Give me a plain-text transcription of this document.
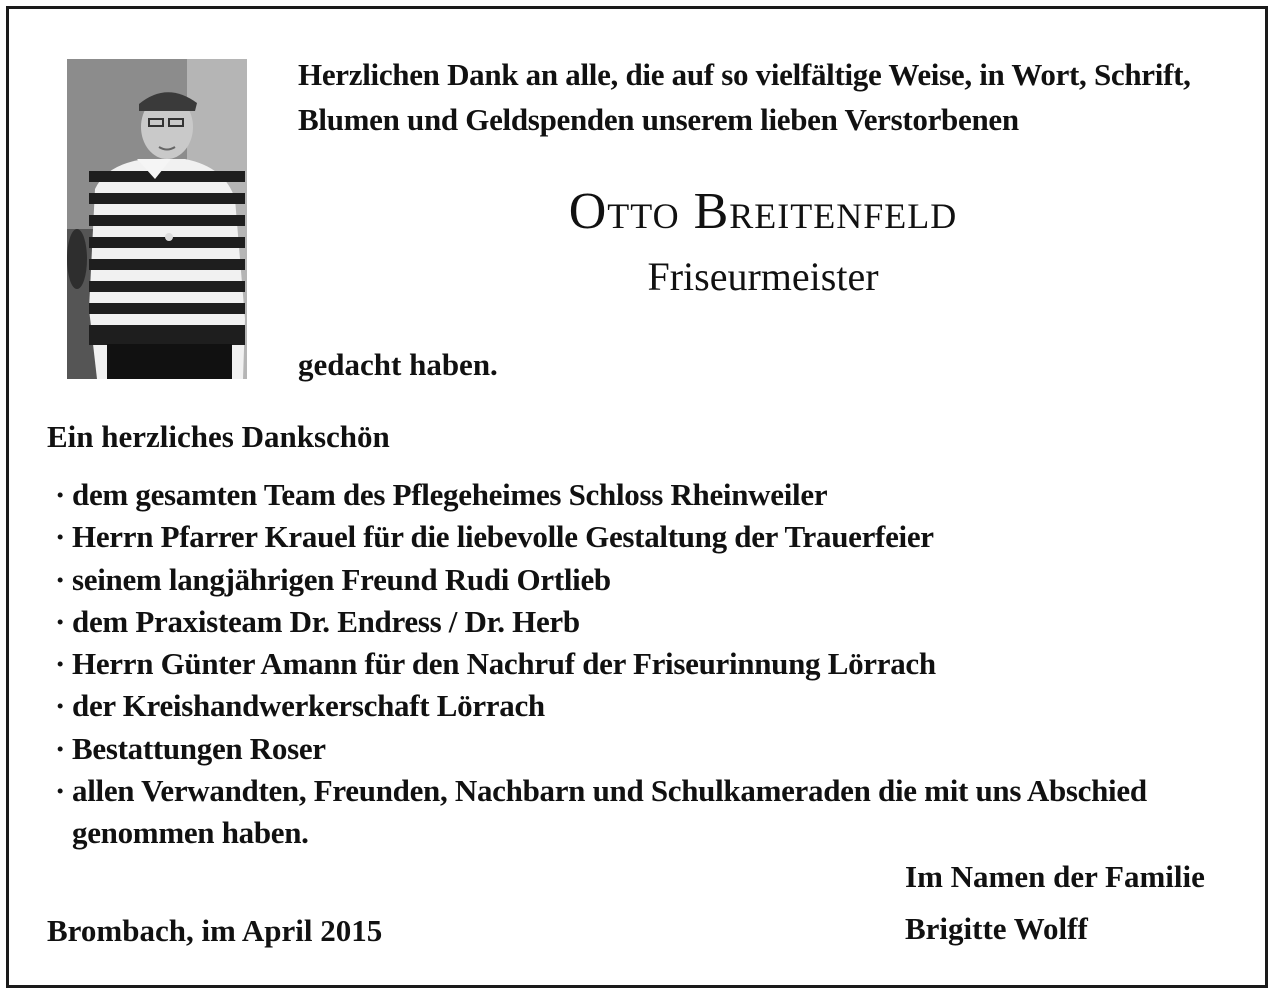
Herzlichen Dank an alle, die auf so vielfältige Weise, in Wort, Schrift,
Blumen und Geldspenden unserem lieben Verstorbenen
Otto Breitenfeld
Friseurmeister
gedacht haben.
Ein herzliches Dankschön
· dem gesamten Team des Pflegeheimes Schloss Rheinweiler
· Herrn Pfarrer Krauel für die liebevolle Gestaltung der Trauerfeier
· seinem langjährigen Freund Rudi Ortlieb
· dem Praxisteam Dr. Endress / Dr. Herb
· Herrn Günter Amann für den Nachruf der Friseurinnung Lörrach
· der Kreishandwerkerschaft Lörrach
· Bestattungen Roser
· allen Verwandten, Freunden, Nachbarn und Schulkameraden die mit uns Abschied genommen haben.
Im Namen der Familie
Brigitte Wolff
Brombach, im April 2015
